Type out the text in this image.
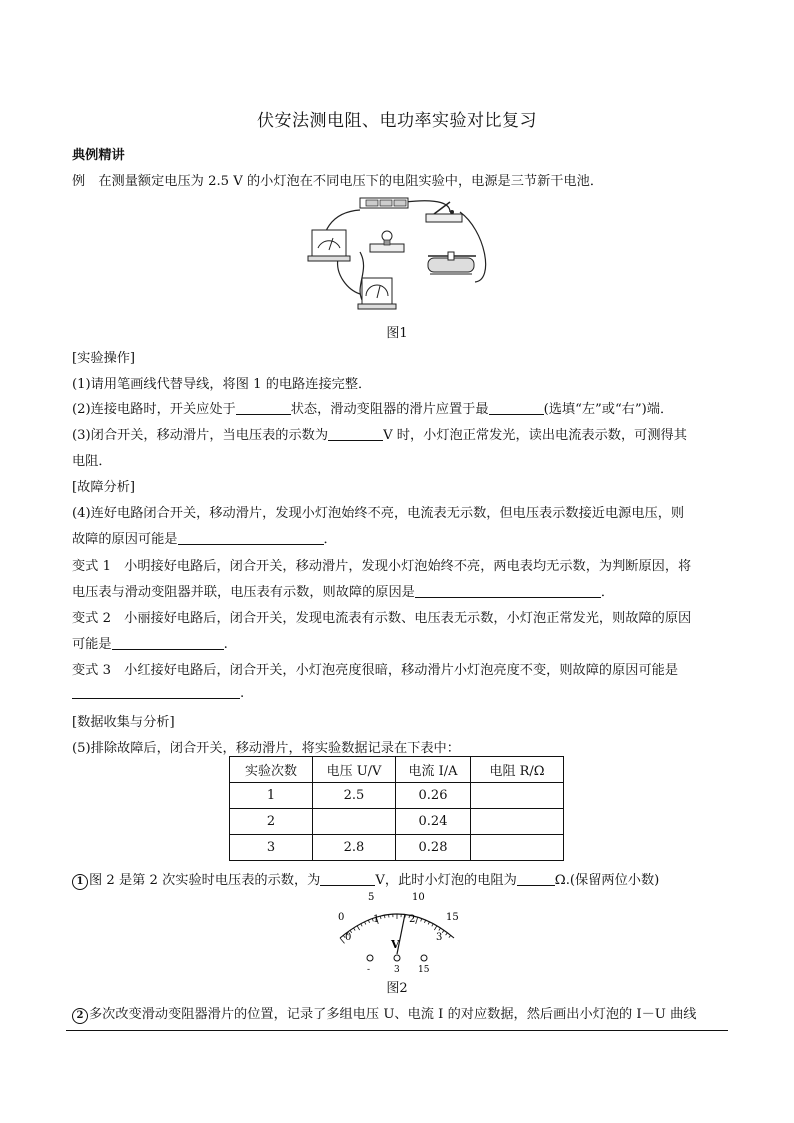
伏安法测电阻、电功率实验对比复习
典例精讲
例　 在测量额定电压为 2.5 V 的小灯泡在不同电压下的电阻实验中，电源是三节新干电池．
图1
[实验操作]
(1)请用笔画线代替导线，将图 1 的电路连接完整．
(2)连接电路时，开关应处于	状态，滑动变阻器的滑片应置于最	(选填“左”或“右”)端．
(3)闭合开关，移动滑片，当电压表的示数为	V 时，小灯泡正常发光，读出电流表示数，可测得其
电阻．
[故障分析]
(4)连好电路闭合开关，移动滑片，发现小灯泡始终不亮，电流表无示数，但电压表示数接近电源电压，则
故障的原因可能是	．
变式 1　小明接好电路后，闭合开关，移动滑片，发现小灯泡始终不亮，两电表均无示数，为判断原因，将
电压表与滑动变阻器并联，电压表有示数，则故障的原因是	．
变式 2　小丽接好电路后，闭合开关，发现电流表有示数、电压表无示数，小灯泡正常发光，则故障的原因
可能是	.
变式 3　小红接好电路后，闭合开关，小灯泡亮度很暗，移动滑片小灯泡亮度不变，则故障的原因可能是
.
[数据收集与分析]
(5)排除故障后，闭合开关，移动滑片，将实验数据记录在下表中：
实验次数	电压 U/V	电流 I/A	电阻 R/Ω
1	2.5	0.26	
2		0.24	
3	2.8	0.28	
1 图 2 是第 2 次实验时电压表的示数，为	V，此时小灯泡的电阻为	Ω.(保留两位小数)
0
5	10
15
0
1	2
3
V
-	3 15
图2
2 多次改变滑动变阻器滑片的位置，记录了多组电压 U、电流 I 的对应数据，然后画出小灯泡的 I－U 曲线
